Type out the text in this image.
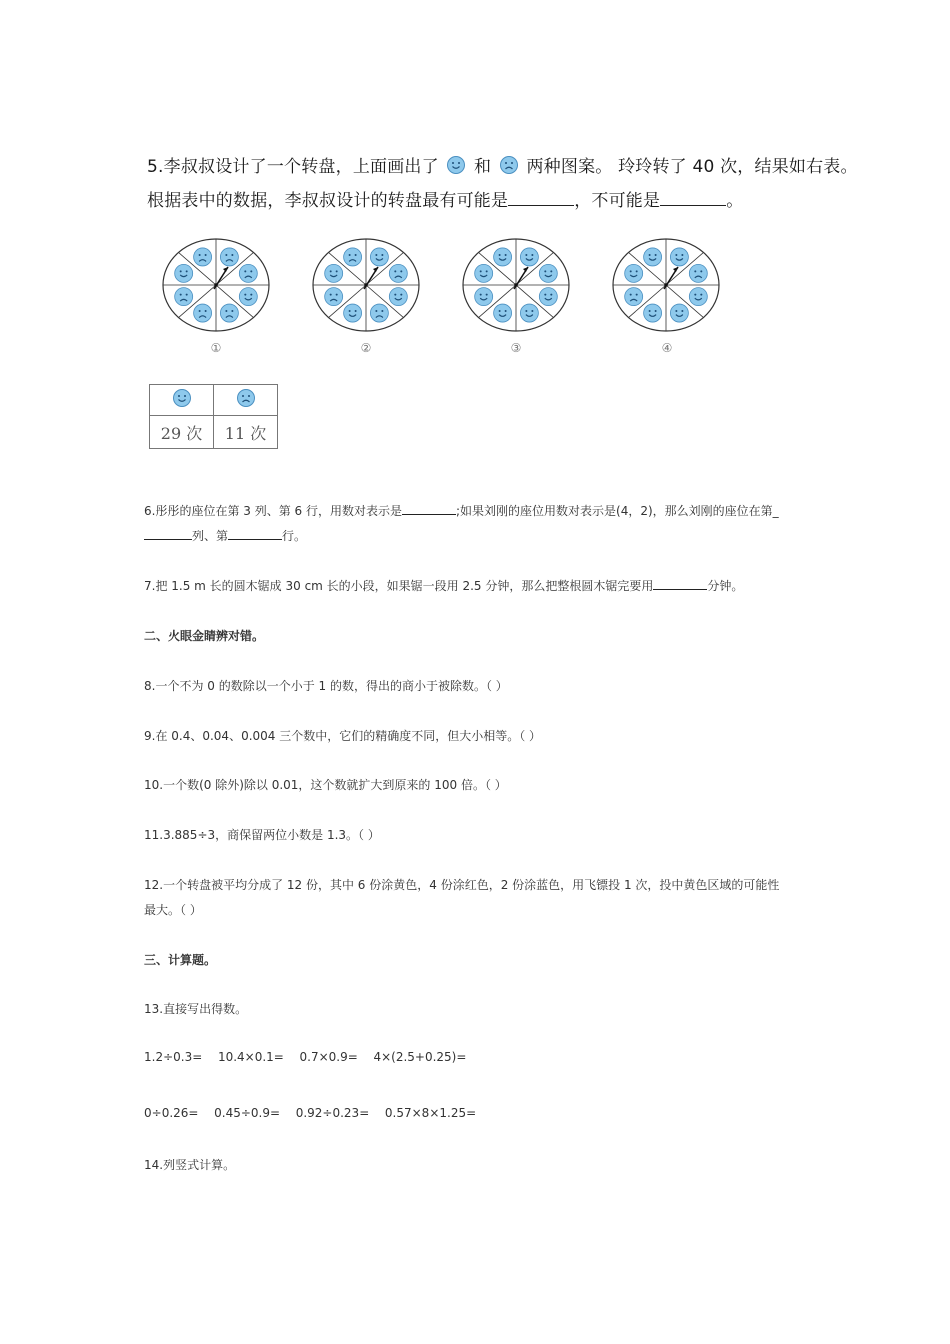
5.李叔叔设计了一个转盘，上面画出了 和 两种图案。 玲玲转了 40 次，结果如右表。
根据表中的数据，李叔叔设计的转盘最有可能是	，不可能是	。
①	②	③	④

29 次	11 次
6.彤彤的座位在第 3 列、第 6 行，用数对表示是	;如果刘刚的座位用数对表示是(4，2)，那么刘刚的座位在第_
列、第	行。
7.把 1.5 m 长的圆木锯成 30 cm 长的小段，如果锯一段用 2.5 分钟，那么把整根圆木锯完要用	分钟。
二、火眼金睛辨对错。
8.一个不为 0 的数除以一个小于 1 的数，得出的商小于被除数。（ ）
9.在 0.4、0.04、0.004 三个数中，它们的精确度不同，但大小相等。（ ）
10.一个数(0 除外)除以 0.01，这个数就扩大到原来的 100 倍。（ ）
11.3.885÷3，商保留两位小数是 1.3。（ ）
12.一个转盘被平均分成了 12 份，其中 6 份涂黄色，4 份涂红色，2 份涂蓝色，用飞镖投 1 次，投中黄色区域的可能性
最大。（ ）
三、计算题。
13.直接写出得数。
1.2÷0.3= 10.4×0.1= 0.7×0.9= 4×(2.5+0.25)=
0÷0.26= 0.45÷0.9= 0.92÷0.23= 0.57×8×1.25=
14.列竖式计算。
